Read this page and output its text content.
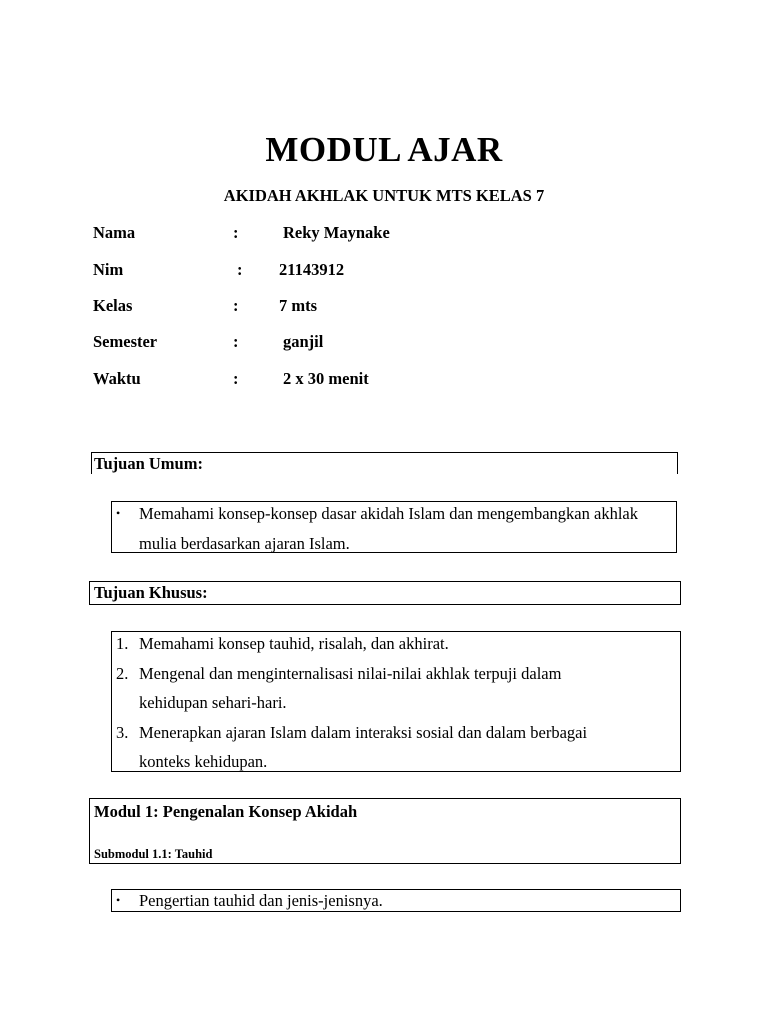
MODUL AJAR
AKIDAH AKHLAK UNTUK MTS KELAS 7
Nama	:	Reky Maynake
Nim	: 21143912
Kelas	: 7 mts
Semester	:	ganjil
Waktu	:	2 x 30 menit
Tujuan Umum:
• Memahami konsep-konsep dasar akidah Islam dan mengembangkan akhlak mulia berdasarkan ajaran Islam.
Tujuan Khusus:
1. Memahami konsep tauhid, risalah, dan akhirat.
2. Mengenal dan menginternalisasi nilai-nilai akhlak terpuji dalam kehidupan sehari-hari.
3. Menerapkan ajaran Islam dalam interaksi sosial dan dalam berbagai konteks kehidupan.
Modul 1: Pengenalan Konsep Akidah
Submodul 1.1: Tauhid
• Pengertian tauhid dan jenis-jenisnya.
